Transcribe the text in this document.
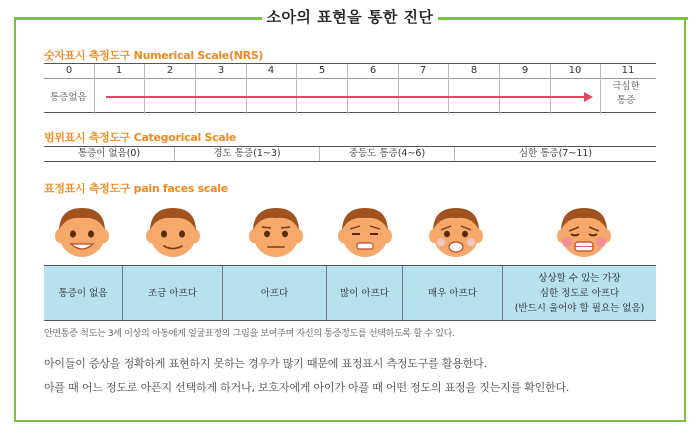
소아의 표현을 통한 진단
숫자표시 측정도구 Numerical Scale(NRS)
0	1	2	3	4	5	6	7	8	9	10	11
통증없음
극심한
통증
범위표시 측정도구 Categorical Scale
통증이 없음(0)	경도 통증(1~3)	중등도 통증(4~6)	심한 통증(7~11)
표정표시 측정도구 pain faces scale
통증이 없음	조금 아프다	아프다	많이 아프다	매우 아프다
상상할 수 있는 가장
심한 정도로 아프다
(반드시 울어야 할 필요는 없음)
안면통증 척도는 3세 이상의 아동에게 얼굴표정의 그림을 보여주며 자신의 통증정도를 선택하도록 할 수 있다.
아이들이 증상을 정확하게 표현하지 못하는 경우가 많기 때문에 표정표시 측정도구를 활용한다.
아플 때 어느 정도로 아픈지 선택하게 하거나, 보호자에게 아이가 아플 때 어떤 정도의 표정을 짓는지를 확인한다.
